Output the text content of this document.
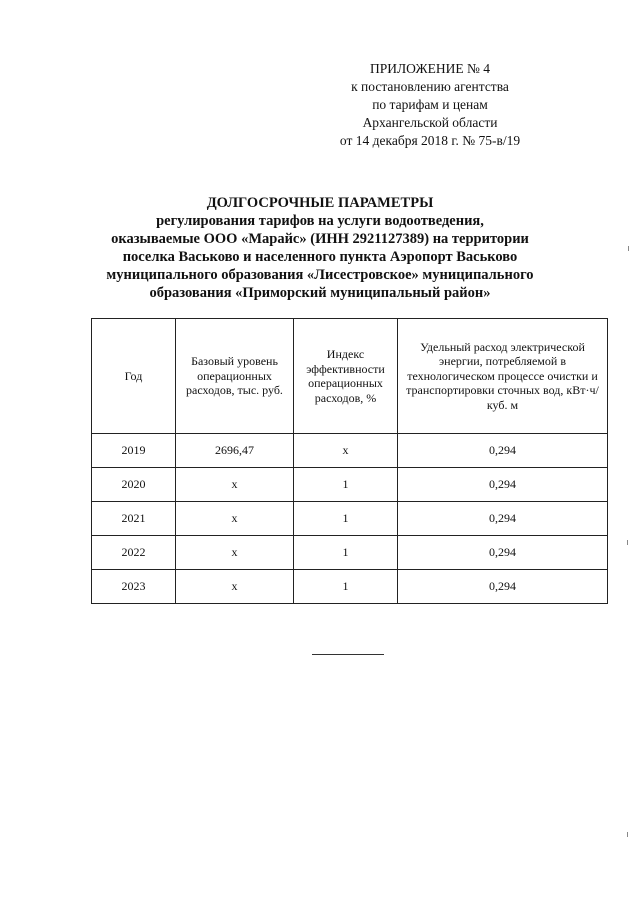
ПРИЛОЖЕНИЕ № 4
к постановлению агентства
по тарифам и ценам
Архангельской области
от 14 декабря 2018 г. № 75-в/19
ДОЛГОСРОЧНЫЕ ПАРАМЕТРЫ
регулирования тарифов на услуги водоотведения,
оказываемые ООО «Марайс» (ИНН 2921127389) на территории
поселка Васьково и населенного пункта Аэропорт Васьково
муниципального образования «Лисестровское» муниципального
образования «Приморский муниципальный район»
Год	Базовый уровень операционных расходов, тыс. руб.	Индекс эффективности операционных расходов, %	Удельный расход электрической энергии, потребляемой в технологическом процессе очистки и транспортировки сточных вод, кВт·ч/куб. м
2019	2696,47	x	0,294
2020	x	1	0,294
2021	x	1	0,294
2022	x	1	0,294
2023	x	1	0,294
